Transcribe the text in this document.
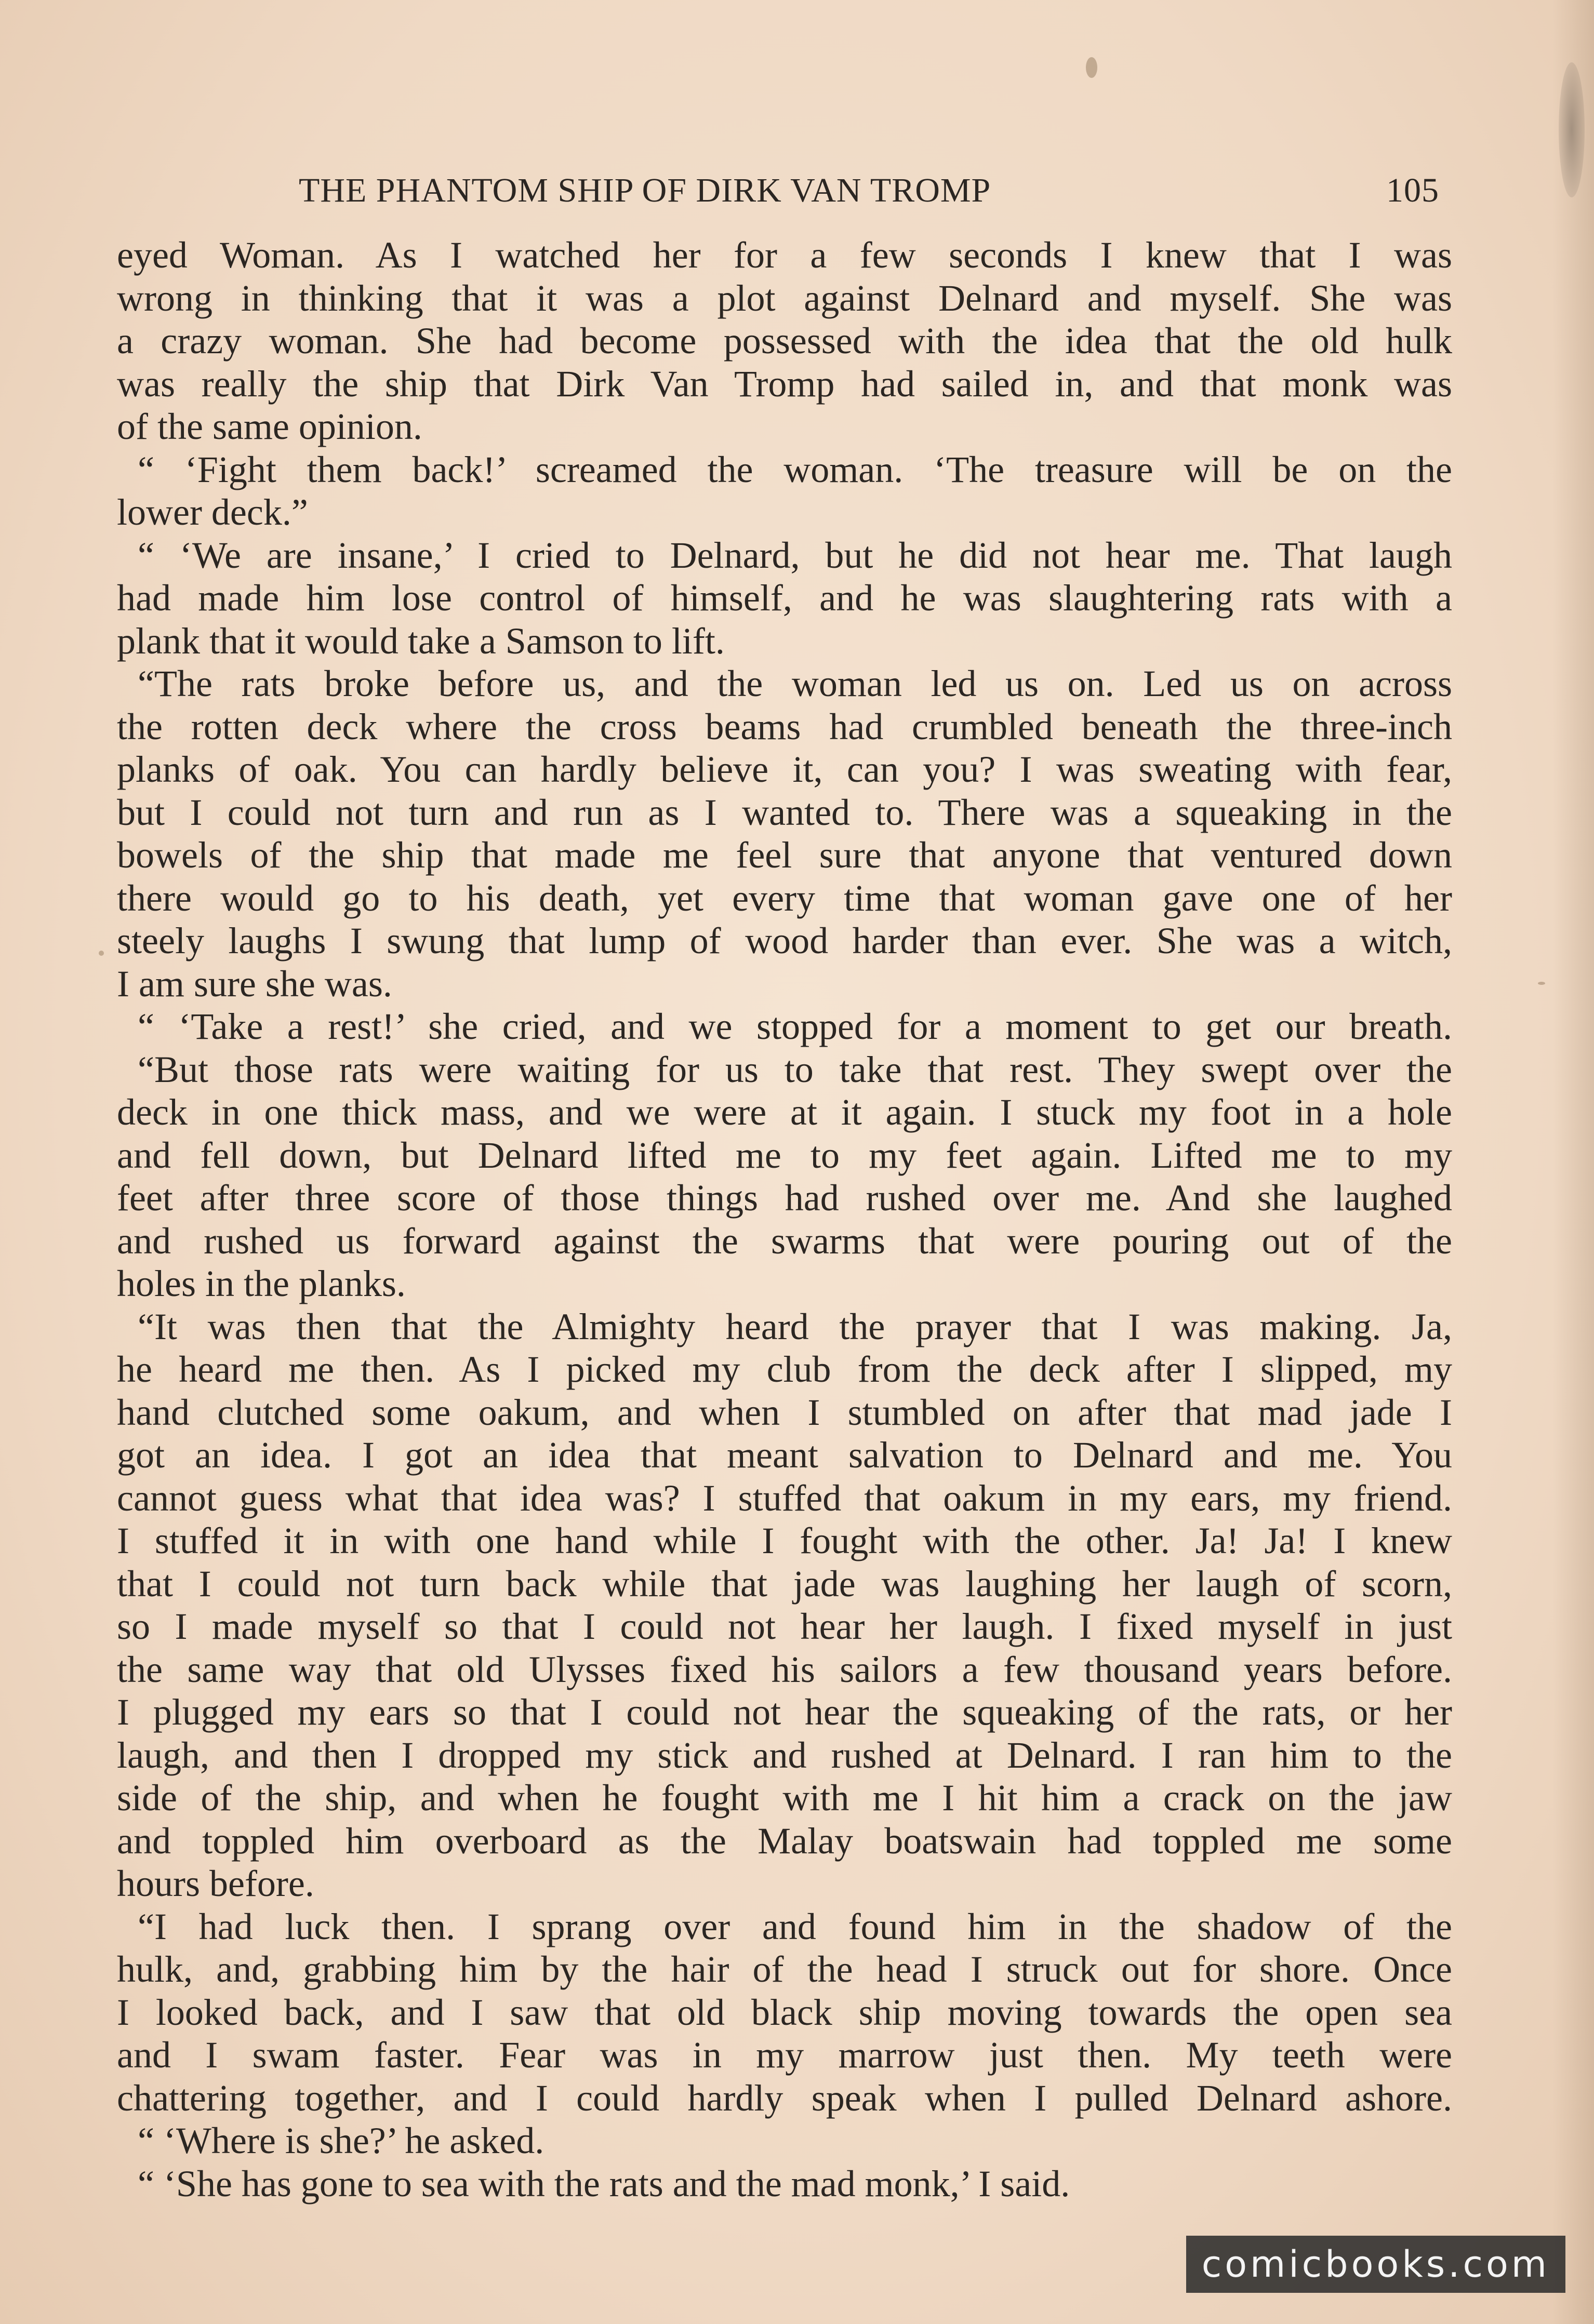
THE PHANTOM SHIP OF DIRK VAN TROMP	105
eyed Woman. As I watched her for a few seconds I knew that I was
wrong in thinking that it was a plot against Delnard and myself. She was
a crazy woman. She had become possessed with the idea that the old hulk
was really the ship that Dirk Van Tromp had sailed in, and that monk was
of the same opinion.
“ ‘Fight them back!’ screamed the woman. ‘The treasure will be on the
lower deck.”
“ ‘We are insane,’ I cried to Delnard, but he did not hear me. That laugh
had made him lose control of himself, and he was slaughtering rats with a
plank that it would take a Samson to lift.
“The rats broke before us, and the woman led us on. Led us on across
the rotten deck where the cross beams had crumbled beneath the three-inch
planks of oak. You can hardly believe it, can you? I was sweating with fear,
but I could not turn and run as I wanted to. There was a squeaking in the
bowels of the ship that made me feel sure that anyone that ventured down
there would go to his death, yet every time that woman gave one of her
steely laughs I swung that lump of wood harder than ever. She was a witch,
I am sure she was.
“ ‘Take a rest!’ she cried, and we stopped for a moment to get our breath.
“But those rats were waiting for us to take that rest. They swept over the
deck in one thick mass, and we were at it again. I stuck my foot in a hole
and fell down, but Delnard lifted me to my feet again. Lifted me to my
feet after three score of those things had rushed over me. And she laughed
and rushed us forward against the swarms that were pouring out of the
holes in the planks.
“It was then that the Almighty heard the prayer that I was making. Ja,
he heard me then. As I picked my club from the deck after I slipped, my
hand clutched some oakum, and when I stumbled on after that mad jade I
got an idea. I got an idea that meant salvation to Delnard and me. You
cannot guess what that idea was? I stuffed that oakum in my ears, my friend.
I stuffed it in with one hand while I fought with the other. Ja! Ja! I knew
that I could not turn back while that jade was laughing her laugh of scorn,
so I made myself so that I could not hear her laugh. I fixed myself in just
the same way that old Ulysses fixed his sailors a few thousand years before.
I plugged my ears so that I could not hear the squeaking of the rats, or her
laugh, and then I dropped my stick and rushed at Delnard. I ran him to the
side of the ship, and when he fought with me I hit him a crack on the jaw
and toppled him overboard as the Malay boatswain had toppled me some
hours before.
“I had luck then. I sprang over and found him in the shadow of the
hulk, and, grabbing him by the hair of the head I struck out for shore. Once
I looked back, and I saw that old black ship moving towards the open sea
and I swam faster. Fear was in my marrow just then. My teeth were
chattering together, and I could hardly speak when I pulled Delnard ashore.
“ ‘Where is she?’ he asked.
“ ‘She has gone to sea with the rats and the mad monk,’ I said.
comicbooks.com
